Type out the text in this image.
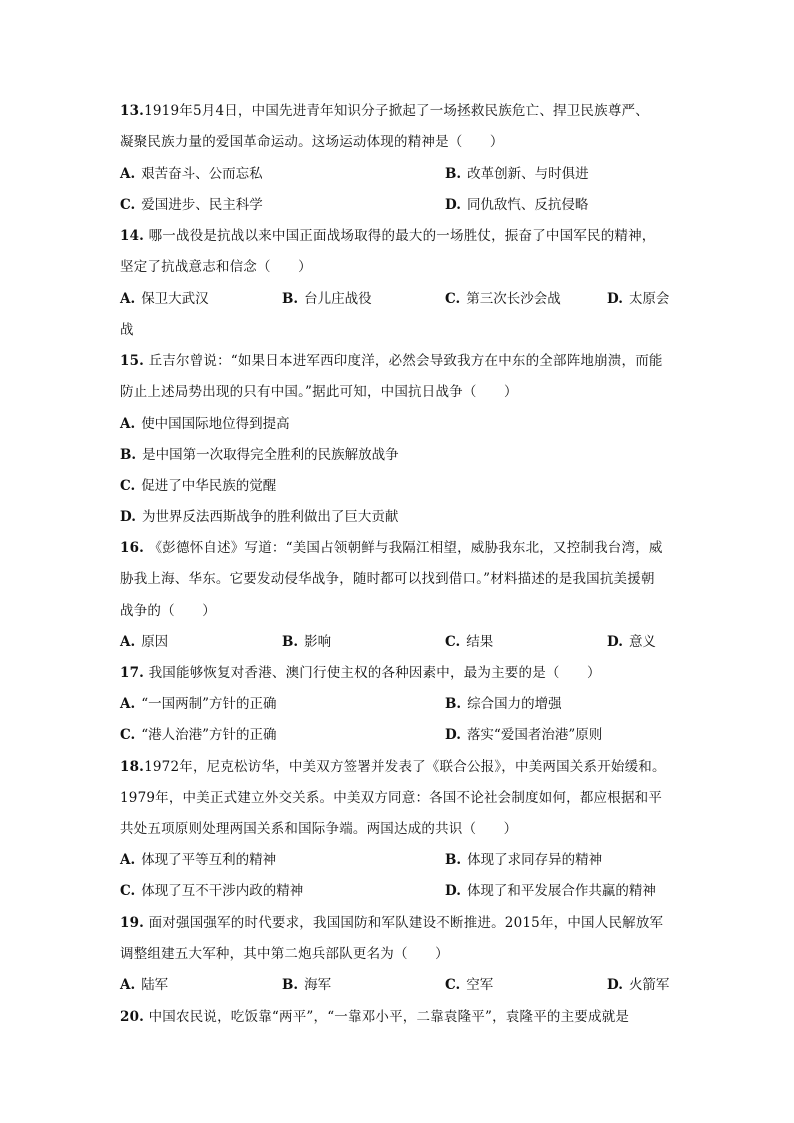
13.1919年5月4日，中国先进青年知识分子掀起了一场拯救民族危亡、捍卫民族尊严、
凝聚民族力量的爱国革命运动。这场运动体现的精神是（　　）
A. 艰苦奋斗、公而忘私	B. 改革创新、与时俱进
C. 爱国进步、民主科学	D. 同仇敌忾、反抗侵略
14. 哪一战役是抗战以来中国正面战场取得的最大的一场胜仗，振奋了中国军民的精神，
坚定了抗战意志和信念（　　）
A. 保卫大武汉	B. 台儿庄战役	C. 第三次长沙会战	D. 太原会
战
15. 丘吉尔曾说：“如果日本进军西印度洋，必然会导致我方在中东的全部阵地崩溃，而能
防止上述局势出现的只有中国。”据此可知，中国抗日战争（　　）
A. 使中国国际地位得到提高
B. 是中国第一次取得完全胜利的民族解放战争
C. 促进了中华民族的觉醒
D. 为世界反法西斯战争的胜利做出了巨大贡献
16. 《彭德怀自述》写道：“美国占领朝鲜与我隔江相望，威胁我东北，又控制我台湾，威
胁我上海、华东。它要发动侵华战争，随时都可以找到借口。”材料描述的是我国抗美援朝
战争的（　　）
A. 原因	B. 影响	C. 结果	D. 意义
17. 我国能够恢复对香港、澳门行使主权的各种因素中，最为主要的是（　　）
A. “一国两制”方针的正确	B. 综合国力的增强
C. “港人治港”方针的正确	D. 落实“爱国者治港”原则
18.1972年，尼克松访华，中美双方签署并发表了《联合公报》，中美两国关系开始缓和。
1979年，中美正式建立外交关系。中美双方同意：各国不论社会制度如何，都应根据和平
共处五项原则处理两国关系和国际争端。两国达成的共识（　　）
A. 体现了平等互利的精神	B. 体现了求同存异的精神
C. 体现了互不干涉内政的精神	D. 体现了和平发展合作共赢的精神
19. 面对强国强军的时代要求，我国国防和军队建设不断推进。2015年，中国人民解放军
调整组建五大军种，其中第二炮兵部队更名为（　　）
A. 陆军	B. 海军	C. 空军	D. 火箭军
20. 中国农民说，吃饭靠“两平”，“一靠邓小平，二靠袁隆平”，袁隆平的主要成就是
